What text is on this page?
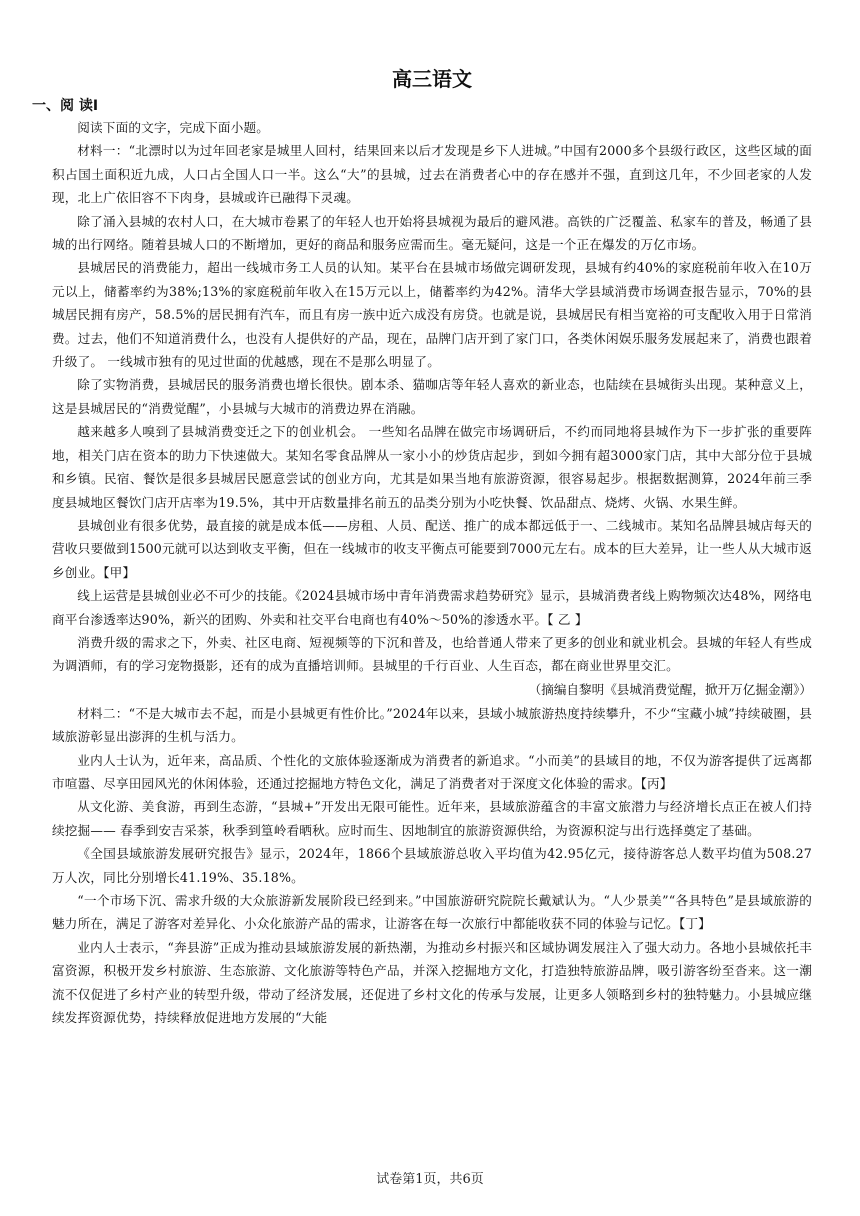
高三语文
一、阅 读I

阅读下面的文字，完成下面小题。

材料一：“北漂时以为过年回老家是城里人回村，结果回来以后才发现是乡下人进城。”中国有2000多个县级行政区，这些区域的面积占国土面积近九成，人口占全国人口一半。这么“大”的县城，过去在消费者心中的存在感并不强，直到这几年，不少回老家的人发现，北上广依旧容不下肉身，县城或许已融得下灵魂。

除了涌入县城的农村人口，在大城市卷累了的年轻人也开始将县城视为最后的避风港。高铁的广泛覆盖、私家车的普及，畅通了县城的出行网络。随着县城人口的不断增加，更好的商品和服务应需而生。毫无疑问，这是一个正在爆发的万亿市场。

县城居民的消费能力，超出一线城市务工人员的认知。某平台在县城市场做完调研发现，县城有约40%的家庭税前年收入在10万元以上，储蓄率约为38%;13%的家庭税前年收入在15万元以上，储蓄率约为42%。清华大学县域消费市场调查报告显示，70%的县城居民拥有房产，58.5%的居民拥有汽车，而且有房一族中近六成没有房贷。也就是说，县城居民有相当宽裕的可支配收入用于日常消费。过去，他们不知道消费什么，也没有人提供好的产品，现在，品牌门店开到了家门口，各类休闲娱乐服务发展起来了，消费也跟着升级了。 一线城市独有的见过世面的优越感，现在不是那么明显了。

除了实物消费，县城居民的服务消费也增长很快。剧本杀、猫咖店等年轻人喜欢的新业态，也陆续在县城街头出现。某种意义上，这是县城居民的“消费觉醒”，小县城与大城市的消费边界在消融。

越来越多人嗅到了县城消费变迁之下的创业机会。 一些知名品牌在做完市场调研后，不约而同地将县城作为下一步扩张的重要阵地，相关门店在资本的助力下快速做大。某知名零食品牌从一家小小的炒货店起步，到如今拥有超3000家门店，其中大部分位于县城和乡镇。民宿、餐饮是很多县城居民愿意尝试的创业方向，尤其是如果当地有旅游资源，很容易起步。根据数据测算，2024年前三季度县城地区餐饮门店开店率为19.5%，其中开店数量排名前五的品类分别为小吃快餐、饮品甜点、烧烤、火锅、水果生鲜。

县城创业有很多优势，最直接的就是成本低——房租、人员、配送、推广的成本都远低于一、二线城市。某知名品牌县城店每天的营收只要做到1500元就可以达到收支平衡，但在一线城市的收支平衡点可能要到7000元左右。成本的巨大差异，让一些人从大城市返乡创业。【甲】

线上运营是县城创业必不可少的技能。《2024县城市场中青年消费需求趋势研究》显示，县城消费者线上购物频次达48%，网络电商平台渗透率达90%，新兴的团购、外卖和社交平台电商也有40%～50%的渗透水平。【 乙 】

消费升级的需求之下，外卖、社区电商、短视频等的下沉和普及，也给普通人带来了更多的创业和就业机会。县城的年轻人有些成为调酒师，有的学习宠物摄影，还有的成为直播培训师。县城里的千行百业、人生百态，都在商业世界里交汇。

（摘编自黎明《县城消费觉醒，掀开万亿掘金潮》）

材料二：“不是大城市去不起，而是小县城更有性价比。”2024年以来，县域小城旅游热度持续攀升，不少“宝藏小城”持续破圈，县域旅游彰显出澎湃的生机与活力。

业内人士认为，近年来，高品质、个性化的文旅体验逐渐成为消费者的新追求。“小而美”的县域目的地，不仅为游客提供了远离都市喧嚣、尽享田园风光的休闲体验，还通过挖掘地方特色文化，满足了消费者对于深度文化体验的需求。【丙】

从文化游、美食游，再到生态游，“县城+”开发出无限可能性。近年来，县域旅游蕴含的丰富文旅潜力与经济增长点正在被人们持续挖掘—— 春季到安吉采茶，秋季到篁岭看晒秋。应时而生、因地制宜的旅游资源供给，为资源积淀与出行选择奠定了基础。

《全国县域旅游发展研究报告》显示，2024年，1866个县域旅游总收入平均值为42.95亿元，接待游客总人数平均值为508.27万人次，同比分别增长41.19%、35.18%。

“一个市场下沉、需求升级的大众旅游新发展阶段已经到来。”中国旅游研究院院长戴斌认为。“人少景美”“各具特色”是县域旅游的魅力所在，满足了游客对差异化、小众化旅游产品的需求，让游客在每一次旅行中都能收获不同的体验与记忆。【丁】

业内人士表示，“奔县游”正成为推动县域旅游发展的新热潮，为推动乡村振兴和区域协调发展注入了强大动力。各地小县城依托丰富资源，积极开发乡村旅游、生态旅游、文化旅游等特色产品，并深入挖掘地方文化，打造独特旅游品牌，吸引游客纷至沓来。这一潮流不仅促进了乡村产业的转型升级，带动了经济发展，还促进了乡村文化的传承与发展，让更多人领略到乡村的独特魅力。小县城应继续发挥资源优势，持续释放促进地方发展的“大能

试卷第1页，共6页
